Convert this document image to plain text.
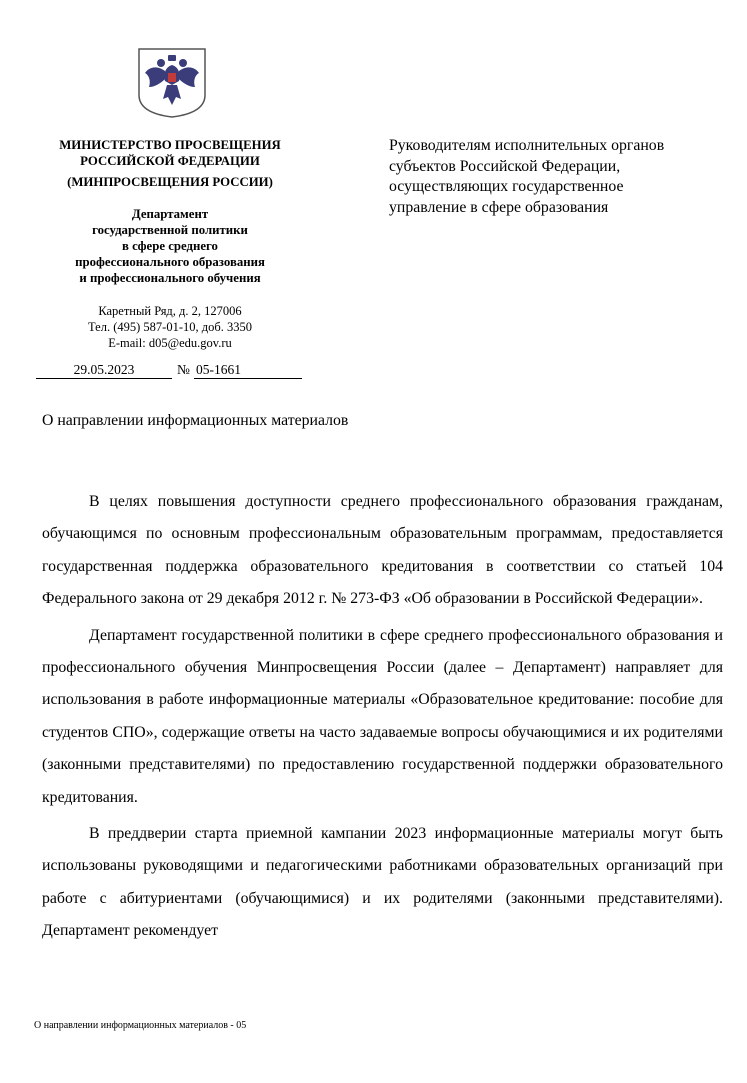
МИНИСТЕРСТВО ПРОСВЕЩЕНИЯ
РОССИЙСКОЙ ФЕДЕРАЦИИ
(МИНПРОСВЕЩЕНИЯ РОССИИ)
Департамент
государственной политики
в сфере среднего
профессионального образования
и профессионального обучения
Каретный Ряд, д. 2, 127006
Тел. (495) 587-01-10, доб. 3350
E-mail: d05@edu.gov.ru
29.05.2023	№ 05-1661
Руководителям исполнительных органов
субъектов Российской Федерации,
осуществляющих государственное
управление в сфере образования
О направлении информационных материалов

В целях повышения доступности среднего профессионального образования гражданам, обучающимся по основным профессиональным образовательным программам, предоставляется государственная поддержка образовательного кредитования в соответствии со статьей 104 Федерального закона от 29 декабря 2012 г. № 273-ФЗ «Об образовании в Российской Федерации».

Департамент государственной политики в сфере среднего профессионального образования и профессионального обучения Минпросвещения России (далее – Департамент) направляет для использования в работе информационные материалы «Образовательное кредитование: пособие для студентов СПО», содержащие ответы на часто задаваемые вопросы обучающимися и их родителями (законными представителями) по предоставлению государственной поддержки образовательного кредитования.

В преддверии старта приемной кампании 2023 информационные материалы могут быть использованы руководящими и педагогическими работниками образовательных организаций при работе с абитуриентами (обучающимися) и их родителями (законными представителями). Департамент рекомендует

О направлении информационных материалов - 05
